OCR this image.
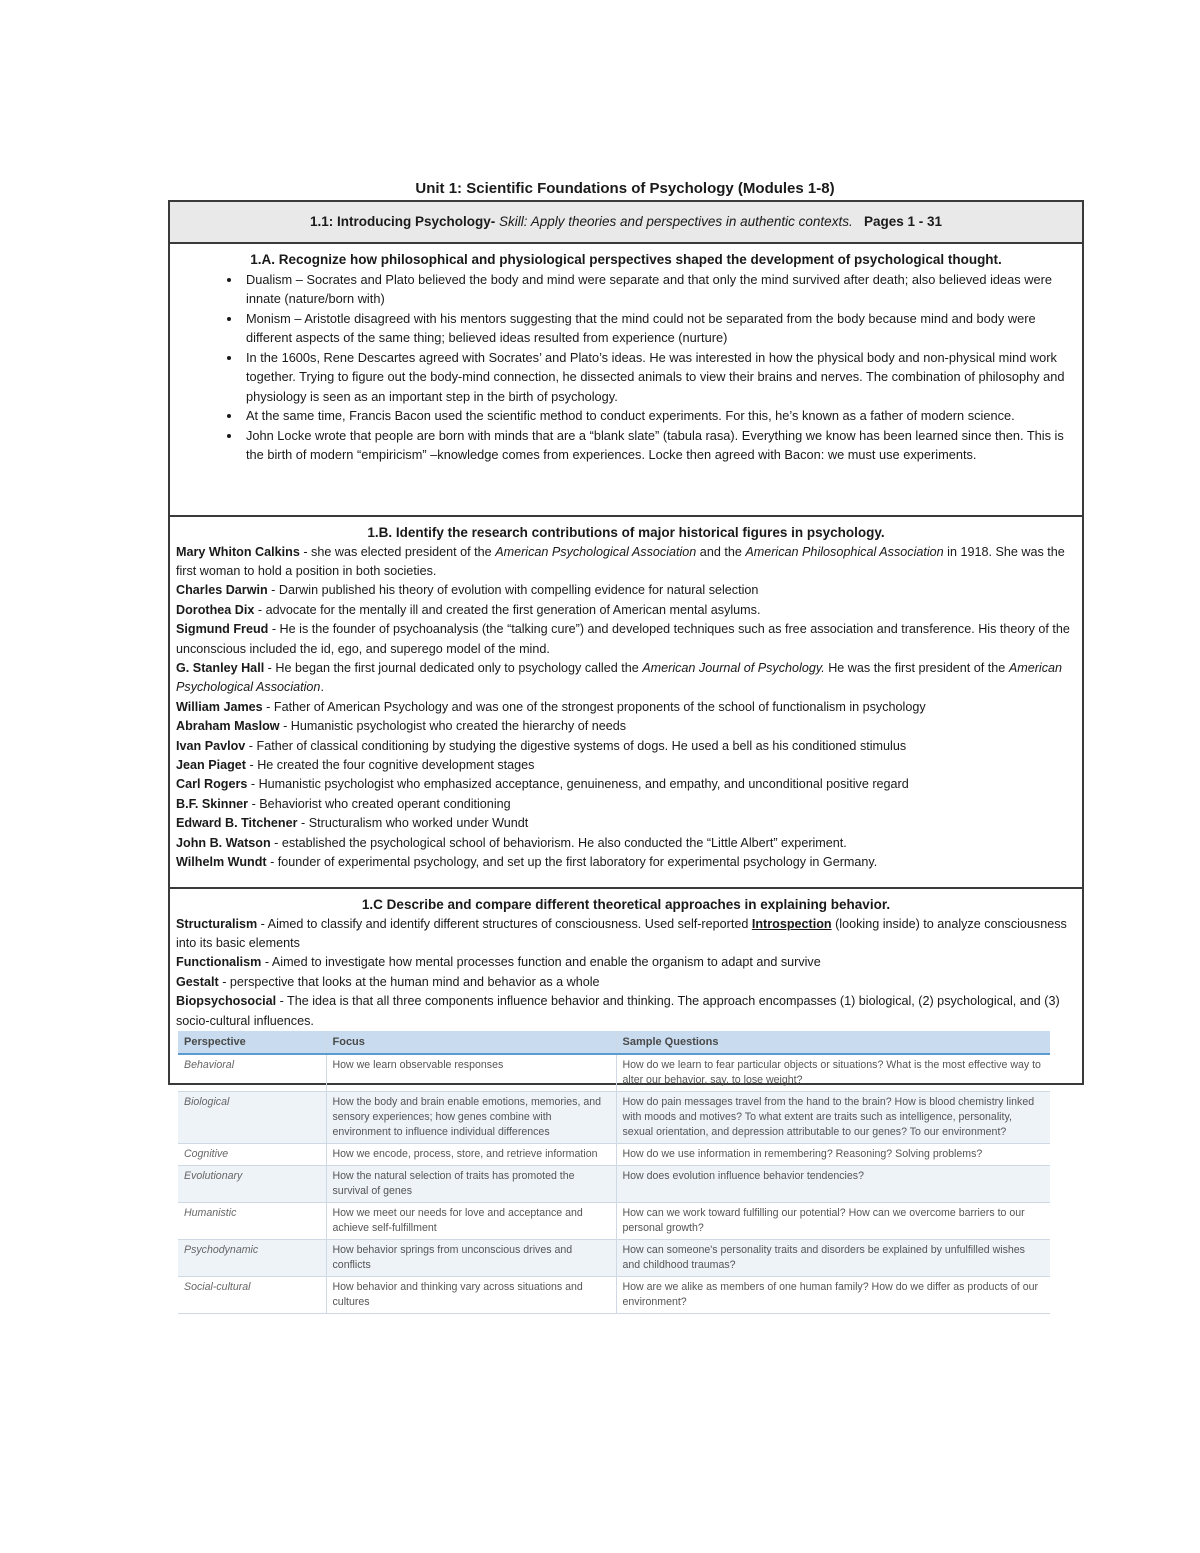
Unit 1: Scientific Foundations of Psychology (Modules 1-8)
1.1: Introducing Psychology- Skill: Apply theories and perspectives in authentic contexts. Pages 1 - 31
1.A. Recognize how philosophical and physiological perspectives shaped the development of psychological thought.
• Dualism – Socrates and Plato believed the body and mind were separate and that only the mind survived after death; also believed ideas were innate (nature/born with)
• Monism – Aristotle disagreed with his mentors suggesting that the mind could not be separated from the body because mind and body were different aspects of the same thing; believed ideas resulted from experience (nurture)
• In the 1600s, Rene Descartes agreed with Socrates’ and Plato’s ideas. He was interested in how the physical body and non-physical mind work together. Trying to figure out the body-mind connection, he dissected animals to view their brains and nerves. The combination of philosophy and physiology is seen as an important step in the birth of psychology.
• At the same time, Francis Bacon used the scientific method to conduct experiments. For this, he’s known as a father of modern science.
• John Locke wrote that people are born with minds that are a “blank slate” (tabula rasa). Everything we know has been learned since then. This is the birth of modern “empiricism” –knowledge comes from experiences. Locke then agreed with Bacon: we must use experiments.
1.B. Identify the research contributions of major historical figures in psychology.
Mary Whiton Calkins - she was elected president of the American Psychological Association and the American Philosophical Association in 1918. She was the first woman to hold a position in both societies.
Charles Darwin - Darwin published his theory of evolution with compelling evidence for natural selection
Dorothea Dix - advocate for the mentally ill and created the first generation of American mental asylums.
Sigmund Freud - He is the founder of psychoanalysis (the “talking cure”) and developed techniques such as free association and transference. His theory of the unconscious included the id, ego, and superego model of the mind.
G. Stanley Hall - He began the first journal dedicated only to psychology called the American Journal of Psychology. He was the first president of the American Psychological Association.
William James - Father of American Psychology and was one of the strongest proponents of the school of functionalism in psychology
Abraham Maslow - Humanistic psychologist who created the hierarchy of needs
Ivan Pavlov - Father of classical conditioning by studying the digestive systems of dogs. He used a bell as his conditioned stimulus
Jean Piaget - He created the four cognitive development stages
Carl Rogers - Humanistic psychologist who emphasized acceptance, genuineness, and empathy, and unconditional positive regard
B.F. Skinner - Behaviorist who created operant conditioning
Edward B. Titchener - Structuralism who worked under Wundt
John B. Watson - established the psychological school of behaviorism. He also conducted the “Little Albert” experiment.
Wilhelm Wundt - founder of experimental psychology, and set up the first laboratory for experimental psychology in Germany.
1.C Describe and compare different theoretical approaches in explaining behavior.
Structuralism - Aimed to classify and identify different structures of consciousness. Used self-reported Introspection (looking inside) to analyze consciousness into its basic elements
Functionalism - Aimed to investigate how mental processes function and enable the organism to adapt and survive
Gestalt - perspective that looks at the human mind and behavior as a whole
Biopsychosocial - The idea is that all three components influence behavior and thinking. The approach encompasses (1) biological, (2) psychological, and (3) socio-cultural influences.
Perspective	Focus	Sample Questions
Behavioral	How we learn observable responses	How do we learn to fear particular objects or situations? What is the most effective way to alter our behavior, say, to lose weight?
Biological	How the body and brain enable emotions, memories, and sensory experiences; how genes combine with environment to influence individual differences	How do pain messages travel from the hand to the brain? How is blood chemistry linked with moods and motives? To what extent are traits such as intelligence, personality, sexual orientation, and depression attributable to our genes? To our environment?
Cognitive	How we encode, process, store, and retrieve information	How do we use information in remembering? Reasoning? Solving problems?
Evolutionary	How the natural selection of traits has promoted the survival of genes	How does evolution influence behavior tendencies?
Humanistic	How we meet our needs for love and acceptance and achieve self-fulfillment	How can we work toward fulfilling our potential? How can we overcome barriers to our personal growth?
Psychodynamic	How behavior springs from unconscious drives and conflicts	How can someone's personality traits and disorders be explained by unfulfilled wishes and childhood traumas?
Social-cultural	How behavior and thinking vary across situations and cultures	How are we alike as members of one human family? How do we differ as products of our environment?
